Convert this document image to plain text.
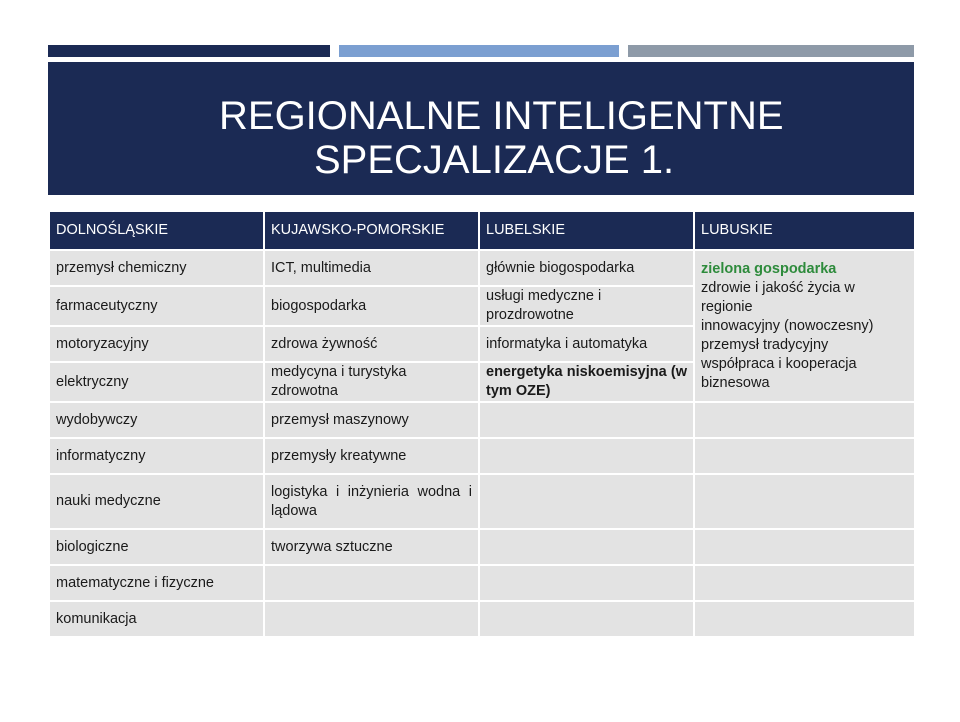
REGIONALNE INTELIGENTNE
SPECJALIZACJE 1.
DOLNOŚLĄSKIE	KUJAWSKO-POMORSKIE	LUBELSKIE	LUBUSKIE
przemysł chemiczny	ICT, multimedia	głównie biogospodarka	zielona gospodarka
zdrowie i jakość życia w regionie
innowacyjny (nowoczesny) przemysł tradycyjny
współpraca i kooperacja biznesowa

farmaceutyczny	biogospodarka	usługi medyczne i prozdrowotne	
motoryzacyjny	zdrowa żywność	informatyka i automatyka	
elektryczny	medycyna i turystyka zdrowotna	energetyka niskoemisyjna (w tym OZE)	
wydobywczy	przemysł maszynowy		
informatyczny	przemysły kreatywne		
nauki medyczne	logistyka i inżynieria wodna i lądowa		
biologiczne	tworzywa sztuczne		
matematyczne i fizyczne			
komunikacja			
